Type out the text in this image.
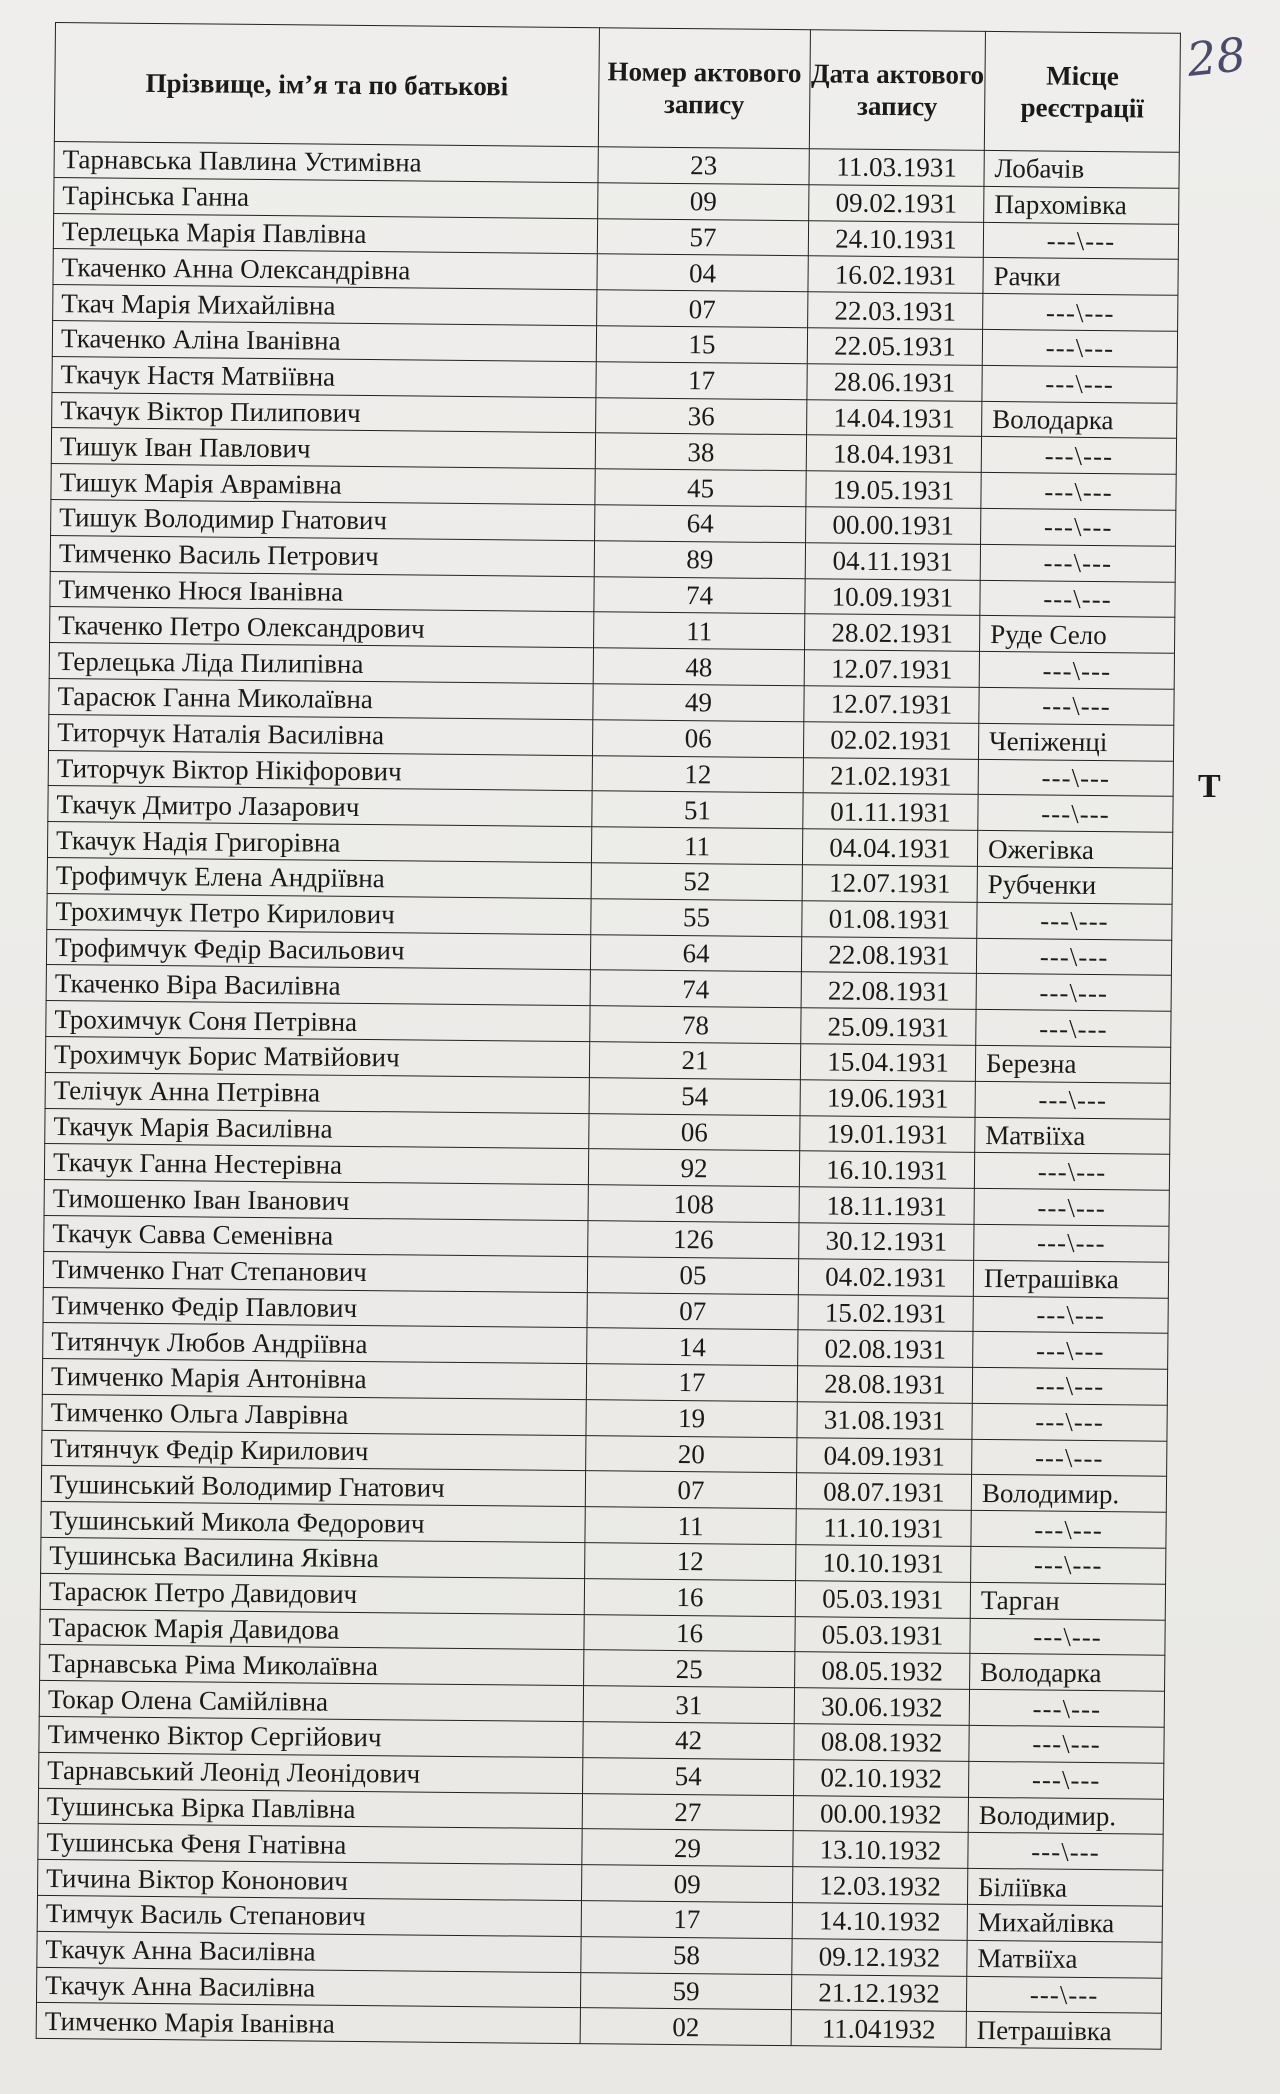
28
Т
Прізвище, ім’я та по батькові	Номер актового запису	Дата актового запису	Місце реєстрації
Тарнавська Павлина Устимівна	23	11.03.1931	Лобачів
Тарінська Ганна	09	09.02.1931	Пархомівка
Терлецька Марія Павлівна	57	24.10.1931	---\---
Ткаченко Анна Олександрівна	04	16.02.1931	Рачки
Ткач Марія Михайлівна	07	22.03.1931	---\---
Ткаченко Аліна Іванівна	15	22.05.1931	---\---
Ткачук Настя Матвіївна	17	28.06.1931	---\---
Ткачук Віктор Пилипович	36	14.04.1931	Володарка
Тишук Іван Павлович	38	18.04.1931	---\---
Тишук Марія Аврамівна	45	19.05.1931	---\---
Тишук Володимир Гнатович	64	00.00.1931	---\---
Тимченко Василь Петрович	89	04.11.1931	---\---
Тимченко Нюся Іванівна	74	10.09.1931	---\---
Ткаченко Петро Олександрович	11	28.02.1931	Руде Село
Терлецька Ліда Пилипівна	48	12.07.1931	---\---
Тарасюк Ганна Миколаївна	49	12.07.1931	---\---
Титорчук Наталія Василівна	06	02.02.1931	Чепіженці
Титорчук Віктор Нікіфорович	12	21.02.1931	---\---
Ткачук Дмитро Лазарович	51	01.11.1931	---\---
Ткачук Надія Григорівна	11	04.04.1931	Ожегівка
Трофимчук Елена Андріївна	52	12.07.1931	Рубченки
Трохимчук Петро Кирилович	55	01.08.1931	---\---
Трофимчук Федір Васильович	64	22.08.1931	---\---
Ткаченко Віра Василівна	74	22.08.1931	---\---
Трохимчук Соня Петрівна	78	25.09.1931	---\---
Трохимчук Борис Матвійович	21	15.04.1931	Березна
Телічук Анна Петрівна	54	19.06.1931	---\---
Ткачук Марія Василівна	06	19.01.1931	Матвіїха
Ткачук Ганна Нестерівна	92	16.10.1931	---\---
Тимошенко Іван Іванович	108	18.11.1931	---\---
Ткачук Савва Семенівна	126	30.12.1931	---\---
Тимченко Гнат Степанович	05	04.02.1931	Петрашівка
Тимченко Федір Павлович	07	15.02.1931	---\---
Титянчук Любов Андріївна	14	02.08.1931	---\---
Тимченко Марія Антонівна	17	28.08.1931	---\---
Тимченко Ольга Лаврівна	19	31.08.1931	---\---
Титянчук Федір Кирилович	20	04.09.1931	---\---
Тушинський Володимир Гнатович	07	08.07.1931	Володимир.
Тушинський Микола Федорович	11	11.10.1931	---\---
Тушинська Василина Яківна	12	10.10.1931	---\---
Тарасюк Петро Давидович	16	05.03.1931	Тарган
Тарасюк Марія Давидова	16	05.03.1931	---\---
Тарнавська Ріма Миколаївна	25	08.05.1932	Володарка
Токар Олена Самійлівна	31	30.06.1932	---\---
Тимченко Віктор Сергійович	42	08.08.1932	---\---
Тарнавський Леонід Леонідович	54	02.10.1932	---\---
Тушинська Вірка Павлівна	27	00.00.1932	Володимир.
Тушинська Феня Гнатівна	29	13.10.1932	---\---
Тичина Віктор Кононович	09	12.03.1932	Біліївка
Тимчук Василь Степанович	17	14.10.1932	Михайлівка
Ткачук Анна Василівна	58	09.12.1932	Матвіїха
Ткачук Анна Василівна	59	21.12.1932	---\---
Тимченко Марія Іванівна	02	11.041932	Петрашівка
